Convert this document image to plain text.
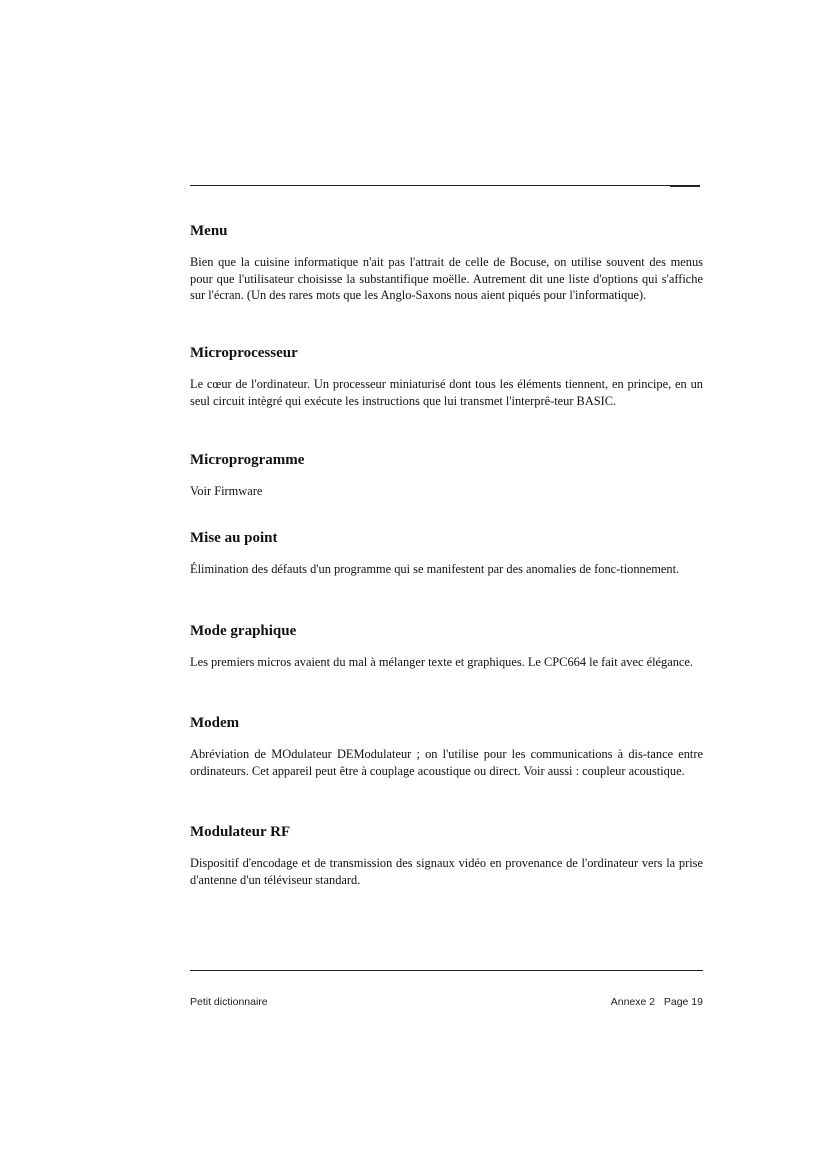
Menu

Bien que la cuisine informatique n'ait pas l'attrait de celle de Bocuse, on utilise souvent des menus pour que l'utilisateur choisisse la substantifique moëlle. Autrement dit une liste d'options qui s'affiche sur l'écran. (Un des rares mots que les Anglo-Saxons nous aient piqués pour l'informatique).

Microprocesseur

Le cœur de l'ordinateur. Un processeur miniaturisé dont tous les éléments tiennent, en principe, en un seul circuit intègré qui exécute les instructions que lui transmet l'interprê-teur BASIC.

Microprogramme

Voir Firmware

Mise au point

Élimination des défauts d'un programme qui se manifestent par des anomalies de fonc-tionnement.

Mode graphique

Les premiers micros avaient du mal à mélanger texte et graphiques. Le CPC664 le fait avec élégance.

Modem

Abréviation de MOdulateur DEModulateur ; on l'utilise pour les communications à dis-tance entre ordinateurs. Cet appareil peut être à couplage acoustique ou direct. Voir aussi : coupleur acoustique.

Modulateur RF

Dispositif d'encodage et de transmission des signaux vidéo en provenance de l'ordinateur vers la prise d'antenne d'un téléviseur standard.

Petit dictionnaire	Annexe 2   Page 19
